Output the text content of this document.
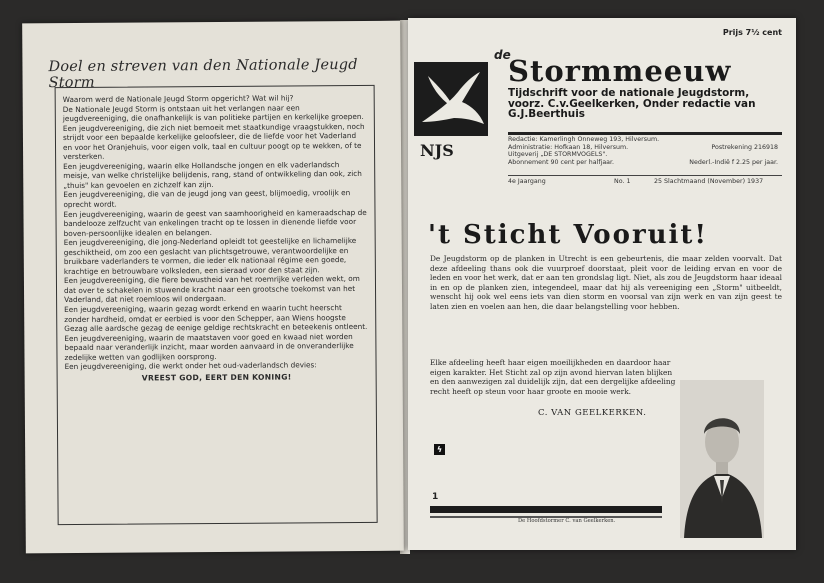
Doel en streven van den Nationale Jeugd Storm

Waarom werd de Nationale Jeugd Storm opgericht? Wat wil hij?

De Nationale Jeugd Storm is ontstaan uit het verlangen naar een jeugdvereeniging, die onafhankelijk is van politieke partijen en kerkelijke groepen.

Een jeugdvereeniging, die zich niet bemoeit met staatkundige vraagstukken, noch strijdt voor een bepaalde kerkelijke geloofsleer, die de liefde voor het Vaderland en voor het Oranjehuis, voor eigen volk, taal en cultuur poogt op te wekken, of te versterken.

Een jeugdvereeniging, waarin elke Hollandsche jongen en elk vaderlandsch meisje, van welke christelijke belijdenis, rang, stand of ontwikkeling dan ook, zich „thuis" kan gevoelen en zichzelf kan zijn.

Een jeugdvereeniging, die van de jeugd jong van geest, blijmoedig, vroolijk en oprecht wordt.

Een jeugdvereeniging, waarin de geest van saamhoorigheid en kameraadschap de bandelooze zelfzucht van enkelingen tracht op te lossen in dienende liefde voor boven-persoonlijke idealen en belangen.

Een jeugdvereeniging, die jong-Nederland opleidt tot geestelijke en lichamelijke geschiktheid, om zoo een geslacht van plichtsgetrouwe, verantwoordelijke en bruikbare vaderlanders te vormen, die ieder elk nationaal régime een goede, krachtige en betrouwbare volksleden, een sieraad voor den staat zijn.

Een jeugdvereeniging, die fiere bewustheid van het roemrijke verleden wekt, om dat over te schakelen in stuwende kracht naar een grootsche toekomst van het Vaderland, dat niet roemloos wil ondergaan.

Een jeugdvereeniging, waarin gezag wordt erkend en waarin tucht heerscht zonder hardheid, omdat er eerbied is voor den Schepper, aan Wiens hoogste Gezag alle aardsche gezag de eenige geldige rechtskracht en beteekenis ontleent.

Een jeugdvereeniging, waarin de maatstaven voor goed en kwaad niet worden bepaald naar veranderlijk inzicht, maar worden aanvaard in de onveranderlijke zedelijke wetten van godlijken oorsprong.

Een jeugdvereeniging, die werkt onder het oud-vaderlandsch devies:

VREEST GOD, EERT DEN KONING!

Prijs 7½ cent
NJS
de
Stormmeeuw
Tijdschrift voor de nationale Jeugdstorm, voorz. C.v.Geelkerken, Onder redactie van G.J.Beerthuis
Redactie: Kamerlingh Onneweg 193, Hilversum.
Administratie: Hofkaan 18, Hilversum.
Uitgeverij „DE STORMVOGELS".
Abonnement 90 cent per halfjaar.
Postrekening 216918
Nederl.-Indië f 2.25 per jaar.
4e Jaargang	No. 1	25 Slachtmaand (November) 1937
't Sticht Vooruit!

De Jeugdstorm op de planken in Utrecht is een gebeurtenis, die maar zelden voorvalt. Dat deze afdeeling thans ook die vuurproef doorstaat, pleit voor de leiding ervan en voor de leden en voor het werk, dat er aan ten grondslag ligt. Niet, als zou de Jeugdstorm haar ideaal in en op de planken zien, integendeel, maar dat hij als vereeniging een „Storm" uitbeeldt, wenscht hij ook wel eens iets van dien storm en voorsal van zijn werk en van zijn geest te laten zien en voelen aan hen, die daar belangstelling voor hebben.

Elke afdeeling heeft haar eigen moeilijkheden en daardoor haar eigen karakter. Het Sticht zal op zijn avond hiervan laten blijken en den aanwezigen zal duidelijk zijn, dat een dergelijke afdeeling recht heeft op steun voor haar groote en mooie werk.

C. VAN GEELKERKEN.
ϟ
1
De Hoofdstormer C. van Geelkerken.
